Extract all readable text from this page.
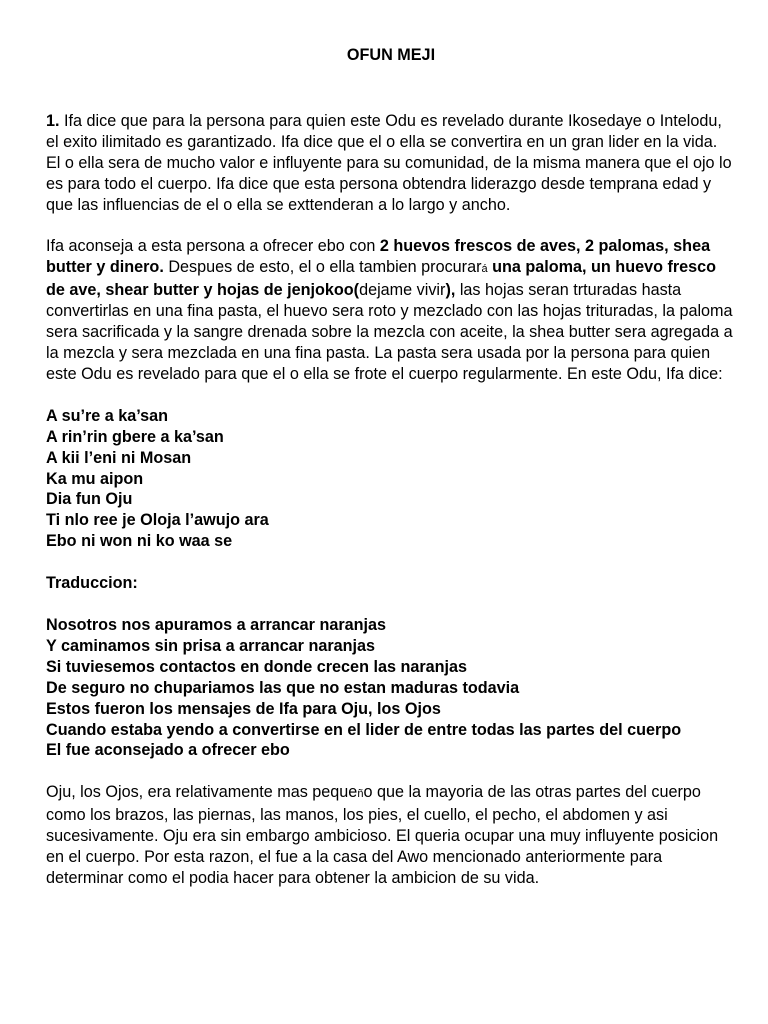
OFUN MEJI

1. Ifa dice que para la persona para quien este Odu es revelado durante Ikosedaye o Intelodu, el exito ilimitado es garantizado. Ifa dice que el o ella se convertira en un gran lider en la vida. El o ella sera de mucho valor e influyente para su comunidad, de la misma manera que el ojo lo es para todo el cuerpo. Ifa dice que esta persona obtendra liderazgo desde temprana edad y que las influencias de el o ella se exttenderan a lo largo y ancho.

Ifa aconseja a esta persona a ofrecer ebo con 2 huevos frescos de aves, 2 palomas, shea butter y dinero. Despues de esto, el o ella tambien procurará una paloma, un huevo fresco de ave, shear butter y hojas de jenjokoo(dejame vivir), las hojas seran trturadas hasta convertirlas en una fina pasta, el huevo sera roto y mezclado con las hojas trituradas, la paloma sera sacrificada y la sangre drenada sobre la mezcla con aceite, la shea butter sera agregada a la mezcla y sera mezclada en una fina pasta. La pasta sera usada por la persona para quien este Odu es revelado para que el o ella se frote el cuerpo regularmente. En este Odu, Ifa dice:

A su’re a ka’san
A rin’rin gbere a ka’san
A kii l’eni ni Mosan
Ka mu aipon
Dia fun Oju
Ti nlo ree je Oloja l’awujo ara
Ebo ni won ni ko waa se
Traduccion:
Nosotros nos apuramos a arrancar naranjas
Y caminamos sin prisa a arrancar naranjas
Si tuviesemos contactos en donde crecen las naranjas
De seguro no chupariamos las que no estan maduras todavia
Estos fueron los mensajes de Ifa para Oju, los Ojos
Cuando estaba yendo a convertirse en el lider de entre todas las partes del cuerpo
El fue aconsejado a ofrecer ebo

Oju, los Ojos, era relativamente mas pequeño que la mayoria de las otras partes del cuerpo como los brazos, las piernas, las manos, los pies, el cuello, el pecho, el abdomen y asi sucesivamente. Oju era sin embargo ambicioso. El queria ocupar una muy influyente posicion en el cuerpo. Por esta razon, el fue a la casa del Awo mencionado anteriormente para determinar como el podia hacer para obtener la ambicion de su vida.
